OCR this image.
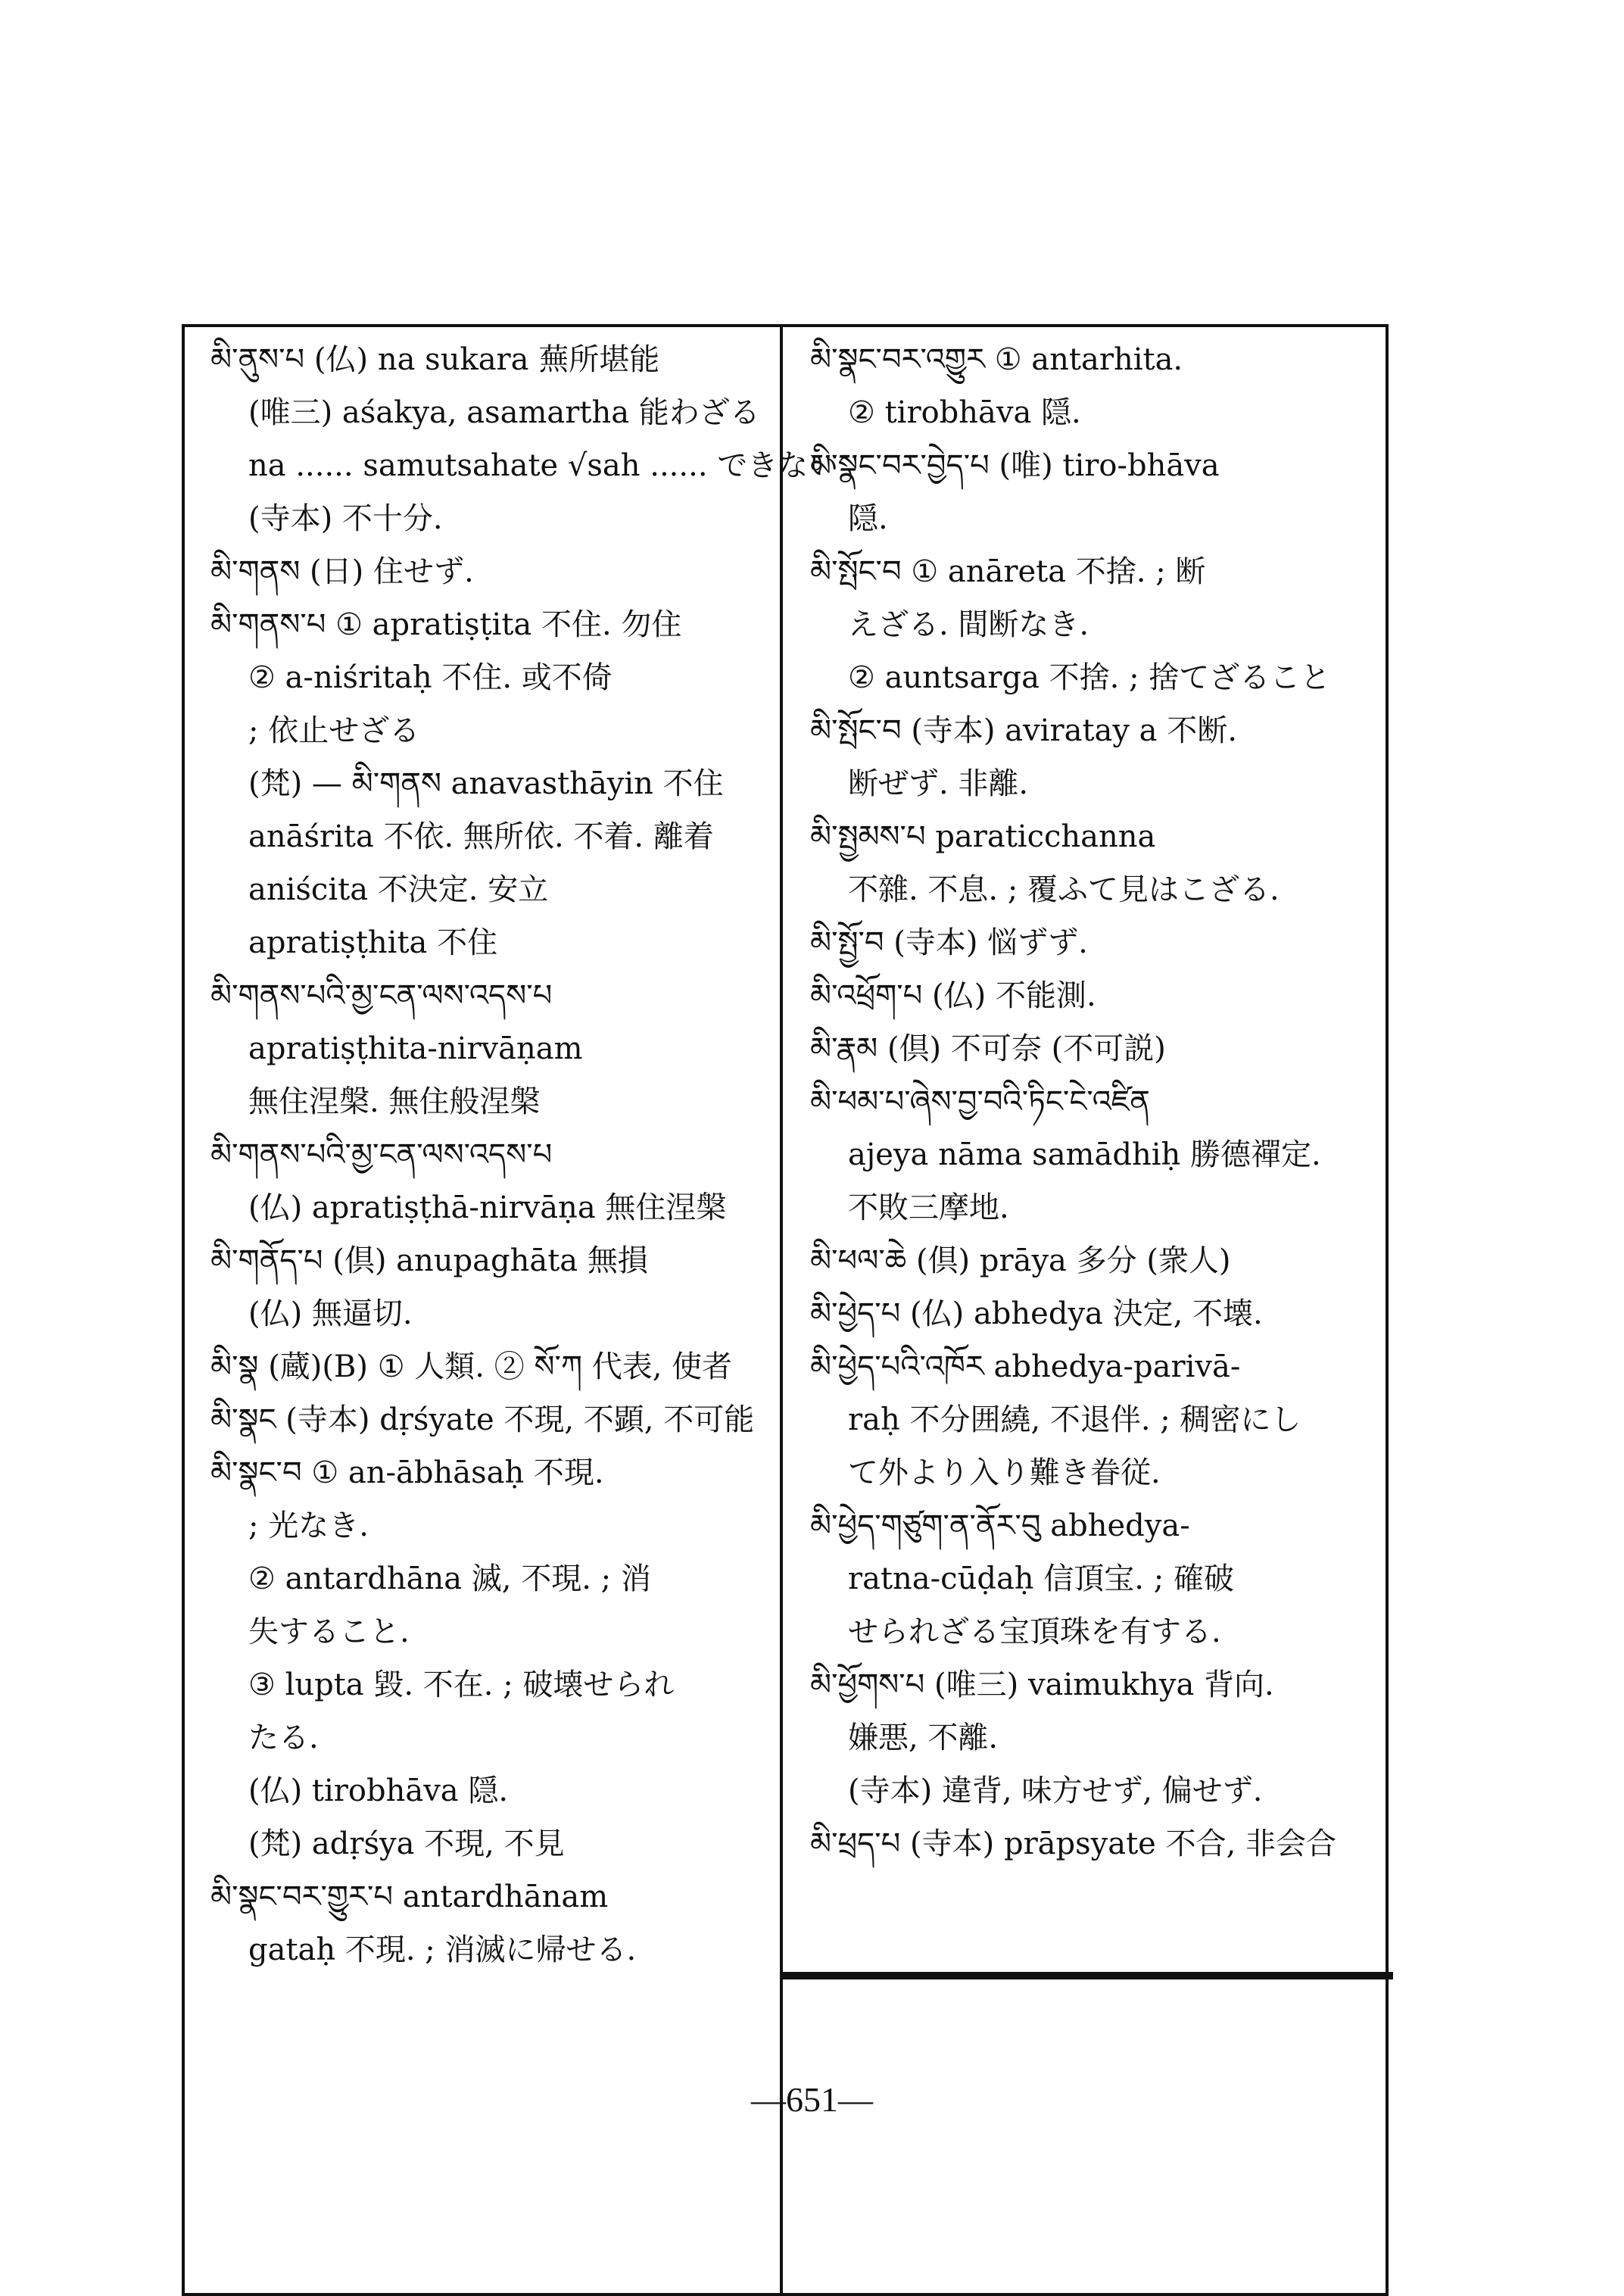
མི་ནུས་པ (仏) na sukara 蕪所堪能
(唯三) aśakya, asamartha 能わざる
na ...... samutsahate √sah ...... できない
(寺本) 不十分.
མི་གནས (日) 住せず.
མི་གནས་པ ① apratiṣṭita 不住. 勿住
② a-niśritaḥ 不住. 或不倚
; 依止せざる
(梵) — མི་གནས anavasthāyin 不住
anāśrita 不依. 無所依. 不着. 離着
aniścita 不決定. 安立
apratiṣṭhita 不住
མི་གནས་པའི་མྱ་ངན་ལས་འདས་པ
apratiṣṭhita-nirvāṇam
無住涅槃. 無住般涅槃
མི་གནས་པའི་མྱ་ངན་ལས་འདས་པ
(仏) apratiṣṭhā-nirvāṇa 無住涅槃
མི་གནོད་པ (倶) anupaghāta 無損
(仏) 無逼切.
མི་སྣ (蔵)(B) ① 人類. ② སོ་ཀ 代表, 使者
མི་སྣང (寺本) dṛśyate 不現, 不顕, 不可能
མི་སྣང་བ ① an-ābhāsaḥ 不現.
; 光なき.
② antardhāna 滅, 不現. ; 消
失すること.
③ lupta 毀. 不在. ; 破壊せられ
たる.
(仏) tirobhāva 隠.
(梵) adṛśya 不現, 不見
མི་སྣང་བར་གྱུར་པ antardhānam
gataḥ 不現. ; 消滅に帰せる.
མི་སྣང་བར་འགྱུར ① antarhita.
② tirobhāva 隠.
མི་སྣང་བར་བྱེད་པ (唯) tiro-bhāva
隠.
མི་སྤོང་བ ① anāreta 不捨. ; 断
えざる. 間断なき.
② auntsarga 不捨. ; 捨てざること
མི་སྤོང་བ (寺本) aviratay a 不断.
断ぜず. 非離.
མི་སྤྱམས་པ paraticchanna
不雜. 不息. ; 覆ふて見はこざる.
མི་སྤྱོ་བ (寺本) 悩ずず.
མི་འཕྲོག་པ (仏) 不能測.
མི་རྣམ (倶) 不可奈 (不可説)
མི་ཕམ་པ་ཞེས་བྱ་བའི་ཏིང་ངེ་འཛིན
ajeya nāma samādhiḥ 勝德禪定.
不敗三摩地.
མི་ཕལ་ཆེ (倶) prāya 多分 (衆人)
མི་ཕྱེད་པ (仏) abhedya 決定, 不壊.
མི་ཕྱེད་པའི་འཁོར abhedya-parivā-
raḥ 不分囲繞, 不退伴. ; 稠密にし
て外より入り難き眷従.
མི་ཕྱེད་གཙུག་ན་ནོར་བུ abhedya-
ratna-cūḍaḥ 信頂宝. ; 確破
せられざる宝頂珠を有する.
མི་ཕྱོགས་པ (唯三) vaimukhya 背向.
嫌悪, 不離.
(寺本) 違背, 味方せず, 偏せず.
མི་ཕྲད་པ (寺本) prāpsyate 不合, 非会合
—651—
